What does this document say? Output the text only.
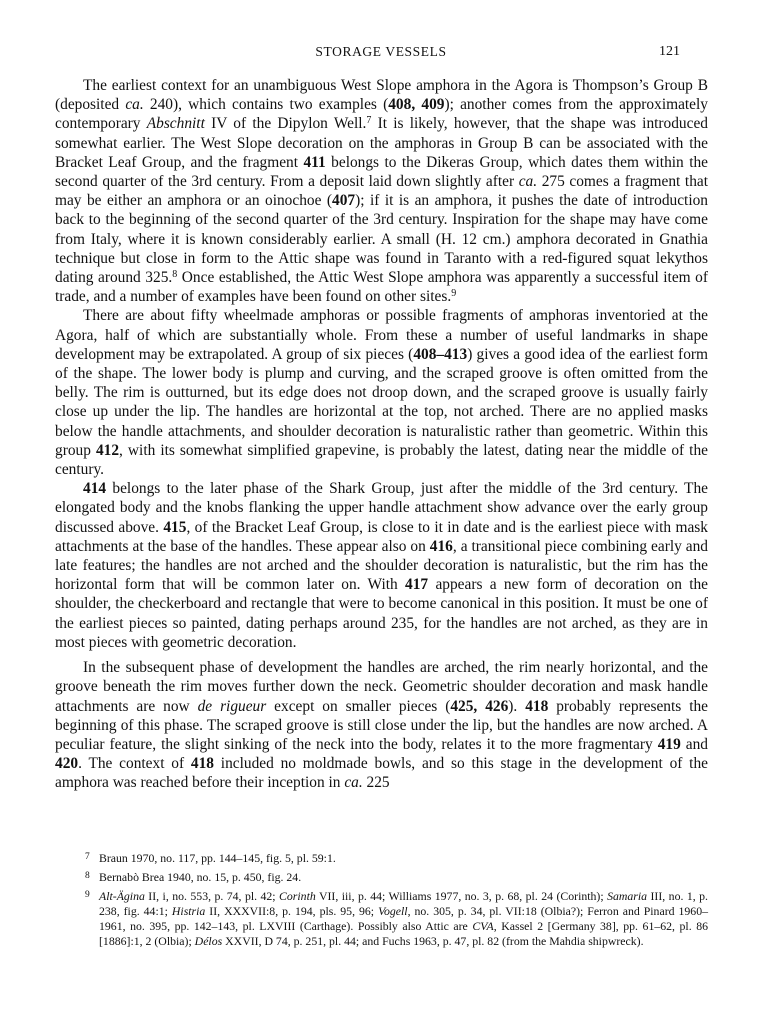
STORAGE VESSELS	121

The earliest context for an unambiguous West Slope amphora in the Agora is Thompson’s Group B (deposited ca. 240), which contains two examples (408, 409); another comes from the approximately contemporary Abschnitt IV of the Dipylon Well.$^7$ It is likely, however, that the shape was introduced somewhat earlier. The West Slope decoration on the amphoras in Group B can be associated with the Bracket Leaf Group, and the fragment 411 belongs to the Dikeras Group, which dates them within the second quarter of the 3rd century. From a deposit laid down slightly after ca. 275 comes a fragment that may be either an amphora or an oinochoe (407); if it is an amphora, it pushes the date of introduction back to the beginning of the second quarter of the 3rd century. Inspiration for the shape may have come from Italy, where it is known considerably earlier. A small (H. 12 cm.) amphora decorated in Gnathia technique but close in form to the Attic shape was found in Taranto with a red-figured squat lekythos dating around 325.$^8$ Once established, the Attic West Slope amphora was apparently a successful item of trade, and a number of examples have been found on other sites.$^9$

There are about fifty wheelmade amphoras or possible fragments of amphoras inventoried at the Agora, half of which are substantially whole. From these a number of useful landmarks in shape development may be extrapolated. A group of six pieces (408–413) gives a good idea of the earliest form of the shape. The lower body is plump and curving, and the scraped groove is often omitted from the belly. The rim is outturned, but its edge does not droop down, and the scraped groove is usually fairly close up under the lip. The handles are horizontal at the top, not arched. There are no applied masks below the handle attachments, and shoulder decoration is naturalistic rather than geometric. Within this group 412, with its somewhat simplified grapevine, is probably the latest, dating near the middle of the century.

414 belongs to the later phase of the Shark Group, just after the middle of the 3rd century. The elongated body and the knobs flanking the upper handle attachment show advance over the early group discussed above. 415, of the Bracket Leaf Group, is close to it in date and is the earliest piece with mask attachments at the base of the handles. These appear also on 416, a transitional piece combining early and late features; the handles are not arched and the shoulder decoration is naturalistic, but the rim has the horizontal form that will be common later on. With 417 appears a new form of decoration on the shoulder, the checkerboard and rectangle that were to become canonical in this position. It must be one of the earliest pieces so painted, dating perhaps around 235, for the handles are not arched, as they are in most pieces with geometric decoration.

In the subsequent phase of development the handles are arched, the rim nearly horizontal, and the groove beneath the rim moves further down the neck. Geometric shoulder decoration and mask handle attachments are now de rigueur except on smaller pieces (425, 426). 418 probably represents the beginning of this phase. The scraped groove is still close under the lip, but the handles are now arched. A peculiar feature, the slight sinking of the neck into the body, relates it to the more fragmentary 419 and 420. The context of 418 included no moldmade bowls, and so this stage in the development of the amphora was reached before their inception in ca. 225

7 Braun 1970, no. 117, pp. 144–145, fig. 5, pl. 59:1.

8 Bernabò Brea 1940, no. 15, p. 450, fig. 24.

9 Alt-Ägina II, i, no. 553, p. 74, pl. 42; Corinth VII, iii, p. 44; Williams 1977, no. 3, p. 68, pl. 24 (Corinth); Samaria III, no. 1, p. 238, fig. 44:1; Histria II, XXXVII:8, p. 194, pls. 95, 96; Vogell, no. 305, p. 34, pl. VII:18 (Olbia?); Ferron and Pinard 1960–1961, no. 395, pp. 142–143, pl. LXVIII (Carthage). Possibly also Attic are CVA, Kassel 2 [Germany 38], pp. 61–62, pl. 86 [1886]:1, 2 (Olbia); Délos XXVII, D 74, p. 251, pl. 44; and Fuchs 1963, p. 47, pl. 82 (from the Mahdia shipwreck).
